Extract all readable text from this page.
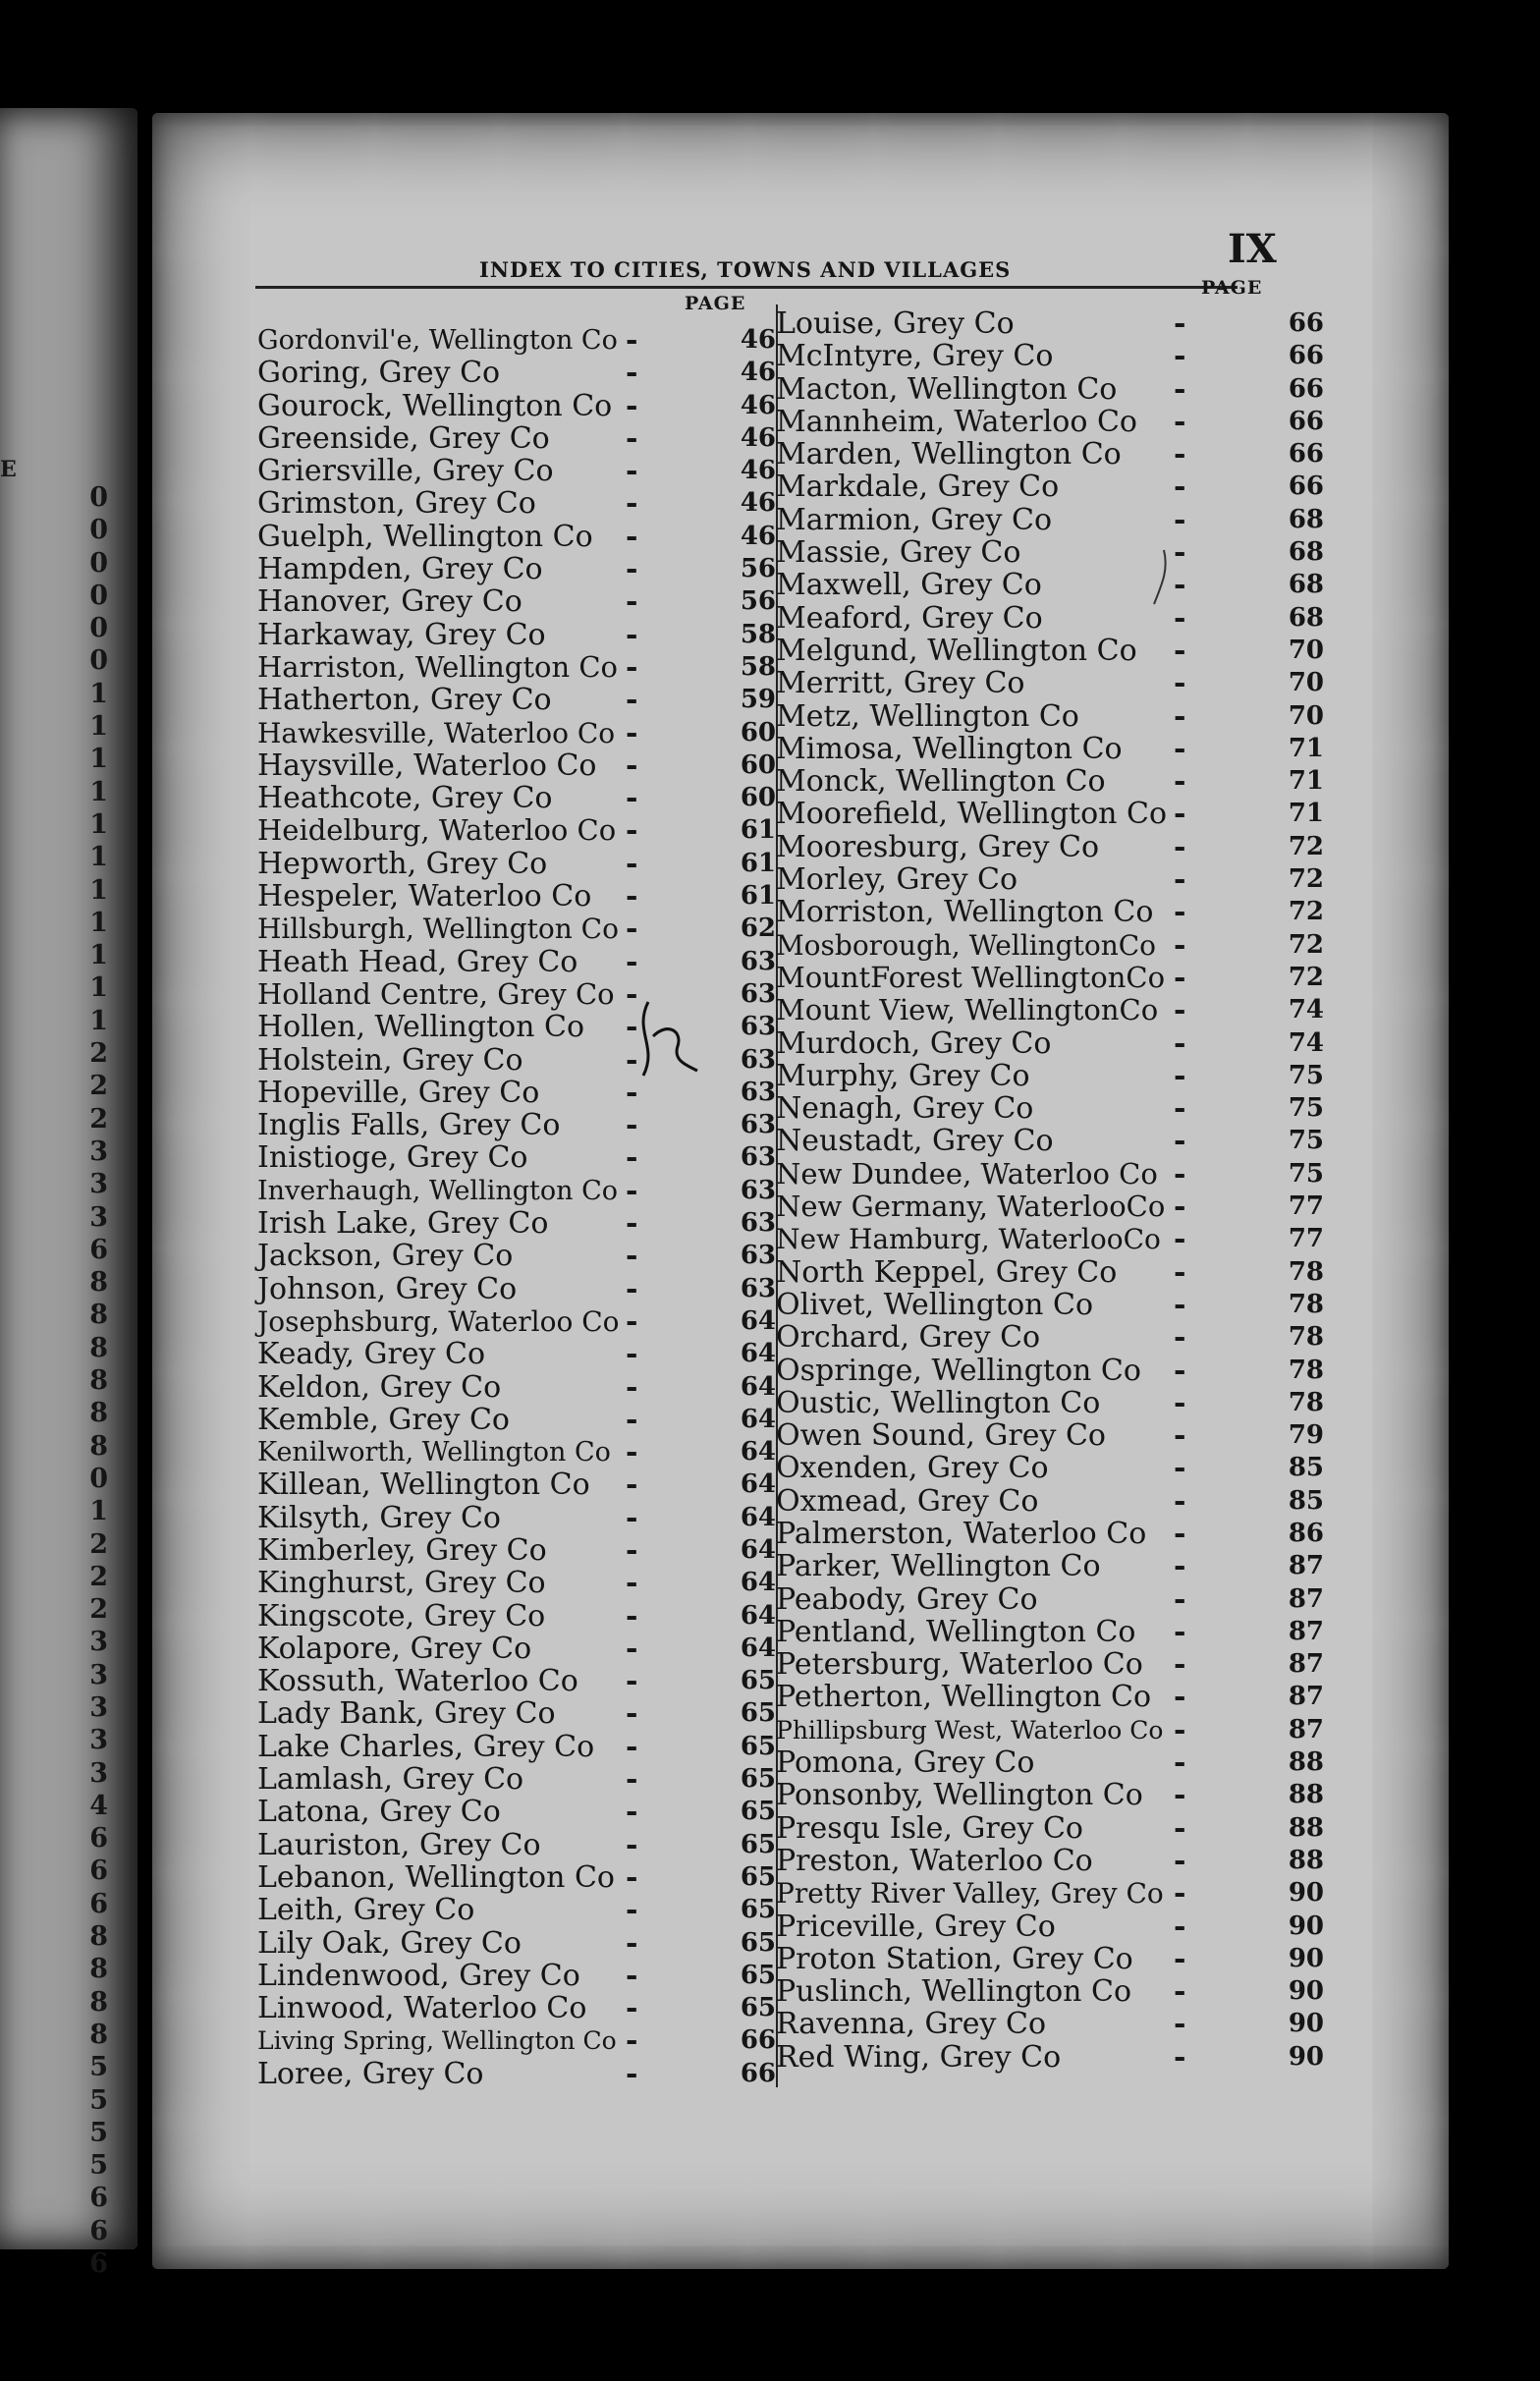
E
0
0
0
0
0
0
1
1
1
1
1
1
1
1
1
1
1
2
2
2
3
3
3
6
8
8
8
8
8
8
0
1
2
2
2
3
3
3
3
3
4
6
6
6
8
8
8
8
5
5
5
5
6
6
6
INDEX TO CITIES, TOWNS AND VILLAGES	IX
PAGE
PAGE
Gordonvil'e, Wellington Co -	46
Goring, Grey Co	-	46
Gourock, Wellington Co -	46
Greenside, Grey Co	-	46
Griersville, Grey Co -	46
Grimston, Grey Co	-	46
Guelph, Wellington Co -	46
Hampden, Grey Co	-	56
Hanover, Grey Co	-	56
Harkaway, Grey Co	-	58
Harriston, Wellington Co -	58
Hatherton, Grey Co	-	59
Hawkesville, Waterloo Co -	60
Haysville, Waterloo Co -	60
Heathcote, Grey Co -	60
Heidelburg, Waterloo Co -	61
Hepworth, Grey Co	-	61
Hespeler, Waterloo Co -	61
Hillsburgh, Wellington Co -	62
Heath Head, Grey Co -	63
Holland Centre, Grey Co -	63
Hollen, Wellington Co -	63
Holstein, Grey Co	-	63
Hopeville, Grey Co	-	63
Inglis Falls, Grey Co -	63
Inistioge, Grey Co	-	63
Inverhaugh, Wellington Co -	63
Irish Lake, Grey Co	-	63
Jackson, Grey Co	-	63
Johnson, Grey Co	-	63
Josephsburg, Waterloo Co -	64
Keady, Grey Co	-	64
Keldon, Grey Co	-	64
Kemble, Grey Co	-	64
Kenilworth, Wellington Co -	64
Killean, Wellington Co -	64
Kilsyth, Grey Co	-	64
Kimberley, Grey Co	-	64
Kinghurst, Grey Co	-	64
Kingscote, Grey Co	-	64
Kolapore, Grey Co	-	64
Kossuth, Waterloo Co -	65
Lady Bank, Grey Co -	65
Lake Charles, Grey Co -	65
Lamlash, Grey Co	-	65
Latona, Grey Co	-	65
Lauriston, Grey Co	-	65
Lebanon, Wellington Co -	65
Leith, Grey Co	-	65
Lily Oak, Grey Co	-	65
Lindenwood, Grey Co -	65
Linwood, Waterloo Co -	65
Living Spring, Wellington Co -	66
Loree, Grey Co	-	66
Louise, Grey Co	-	66
McIntyre, Grey Co	-	66
Macton, Wellington Co -	66
Mannheim, Waterloo Co -	66
Marden, Wellington Co -	66
Markdale, Grey Co	-	66
Marmion, Grey Co	-	68
Massie, Grey Co	-	68
Maxwell, Grey Co	-	68
Meaford, Grey Co	-	68
Melgund, Wellington Co -	70
Merritt, Grey Co	-	70
Metz, Wellington Co	-	70
Mimosa, Wellington Co -	71
Monck, Wellington Co -	71
Moorefield, Wellington Co -	71
Mooresburg, Grey Co	-	72
Morley, Grey Co	-	72
Morriston, Wellington Co -	72
Mosborough, WellingtonCo -	72
MountForest WellingtonCo -	72
Mount View, WellingtonCo -	74
Murdoch, Grey Co	-	74
Murphy, Grey Co	-	75
Nenagh, Grey Co	-	75
Neustadt, Grey Co	-	75
New Dundee, Waterloo Co -	75
New Germany, WaterlooCo -	77
New Hamburg, WaterlooCo -	77
North Keppel, Grey Co -	78
Olivet, Wellington Co	-	78
Orchard, Grey Co	-	78
Ospringe, Wellington Co -	78
Oustic, Wellington Co -	78
Owen Sound, Grey Co -	79
Oxenden, Grey Co	-	85
Oxmead, Grey Co	-	85
Palmerston, Waterloo Co -	86
Parker, Wellington Co -	87
Peabody, Grey Co	-	87
Pentland, Wellington Co -	87
Petersburg, Waterloo Co -	87
Petherton, Wellington Co -	87
Phillipsburg West, Waterloo Co -	87
Pomona, Grey Co	-	88
Ponsonby, Wellington Co -	88
Presqu Isle, Grey Co	-	88
Preston, Waterloo Co	-	88
Pretty River Valley, Grey Co -	90
Priceville, Grey Co	-	90
Proton Station, Grey Co -	90
Puslinch, Wellington Co -	90
Ravenna, Grey Co	-	90
Red Wing, Grey Co	-	90
